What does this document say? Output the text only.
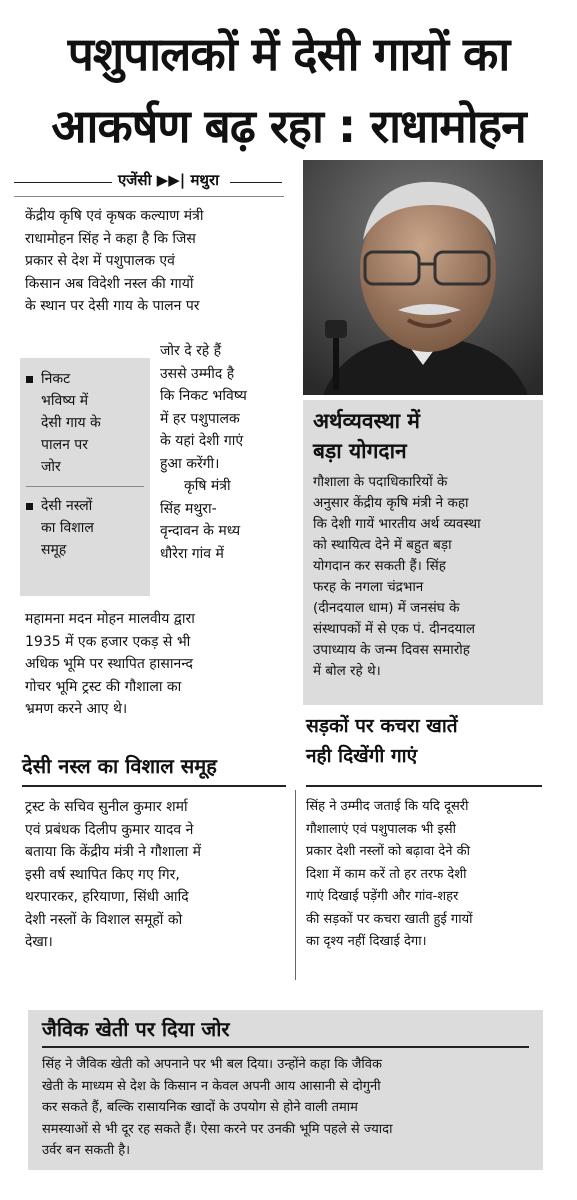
पशुपालकों में देसी गायों का
आकर्षण बढ़ रहा : राधामोहन
एजेंसी ▶▶| मथुरा

केंद्रीय कृषि एवं कृषक कल्याण मंत्री

राधामोहन सिंह ने कहा है कि जिस

प्रकार से देश में पशुपालक एवं

किसान अब विदेशी नस्ल की गायों

के स्थान पर देसी गाय के पालन पर

निकट
भविष्य में
देसी गाय के
पालन पर
जोर
देसी नस्लों
का विशाल
समूह

जोर दे रहे हैं

उससे उम्मीद है

कि निकट भविष्य

में हर पशुपालक

के यहां देशी गाएं

हुआ करेंगी।

कृषि मंत्री

सिंह मथुरा-

वृन्दावन के मध्य

धौरेरा गांव में

महामना मदन मोहन मालवीय द्वारा

1935 में एक हजार एकड़ से भी

अधिक भूमि पर स्थापित हासानन्द

गोचर भूमि ट्रस्ट की गौशाला का

भ्रमण करने आए थे।

अर्थव्यवस्था में
बड़ा योगदान
गौशाला के पदाधिकारियों के
अनुसार केंद्रीय कृषि मंत्री ने कहा
कि देशी गायें भारतीय अर्थ व्यवस्था
को स्थायित्व देने में बहुत बड़ा
योगदान कर सकती हैं। सिंह
फरह के नगला चंद्रभान
(दीनदयाल धाम) में जनसंघ के
संस्थापकों में से एक पं. दीनदयाल
उपाध्याय के जन्म दिवस समारोह
में बोल रहे थे।
देसी नस्ल का विशाल समूह

ट्रस्ट के सचिव सुनील कुमार शर्मा

एवं प्रबंधक दिलीप कुमार यादव ने

बताया कि केंद्रीय मंत्री ने गौशाला में

इसी वर्ष स्थापित किए गए गिर,

थरपारकर, हरियाणा, सिंधी आदि

देशी नस्लों के विशाल समूहों को

देखा।

सड़कों पर कचरा खातें
नही दिखेंगी गाएं

सिंह ने उम्मीद जताई कि यदि दूसरी

गौशालाएं एवं पशुपालक भी इसी

प्रकार देशी नस्लों को बढ़ावा देने की

दिशा में काम करें तो हर तरफ देशी

गाएं दिखाई पड़ेंगी और गांव-शहर

की सड़कों पर कचरा खाती हुई गायों

का दृश्य नहीं दिखाई देगा।

जैविक खेती पर दिया जोर
सिंह ने जैविक खेती को अपनाने पर भी बल दिया। उन्होंने कहा कि जैविक
खेती के माध्यम से देश के किसान न केवल अपनी आय आसानी से दोगुनी
कर सकते हैं, बल्कि रासायनिक खादों के उपयोग से होने वाली तमाम
समस्याओं से भी दूर रह सकते हैं। ऐसा करने पर उनकी भूमि पहले से ज्यादा
उर्वर बन सकती है।
